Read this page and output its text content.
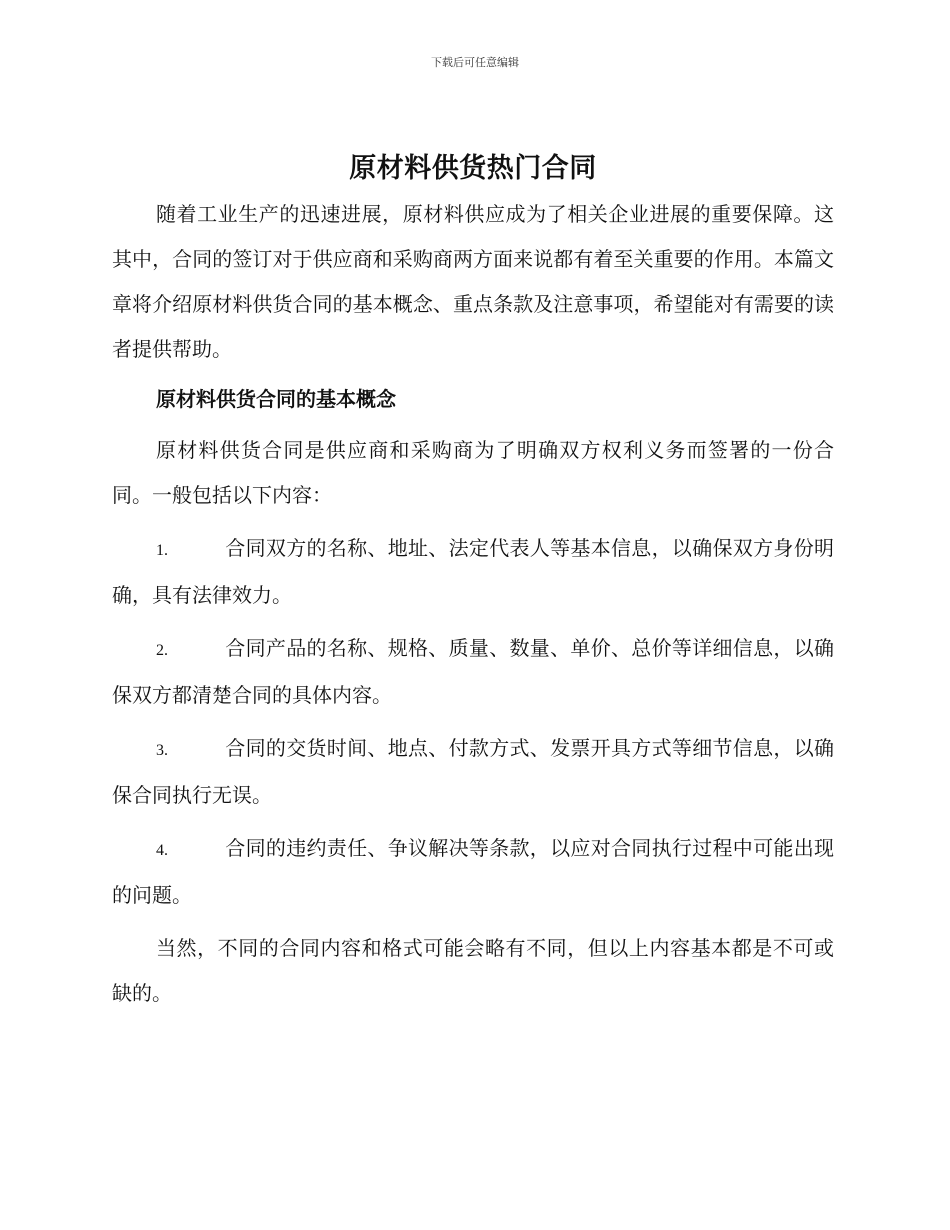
下载后可任意编辑
原材料供货热门合同

随着工业生产的迅速进展，原材料供应成为了相关企业进展的重要保障。这其中，合同的签订对于供应商和采购商两方面来说都有着至关重要的作用。本篇文章将介绍原材料供货合同的基本概念、重点条款及注意事项，希望能对有需要的读者提供帮助。

原材料供货合同的基本概念

原材料供货合同是供应商和采购商为了明确双方权利义务而签署的一份合同。一般包括以下内容：

1.	合同双方的名称、地址、法定代表人等基本信息，以确保双方身份明确，具有法律效力。
2.	合同产品的名称、规格、质量、数量、单价、总价等详细信息，以确保双方都清楚合同的具体内容。
3.	合同的交货时间、地点、付款方式、发票开具方式等细节信息，以确保合同执行无误。
4.	合同的违约责任、争议解决等条款，以应对合同执行过程中可能出现的问题。

当然，不同的合同内容和格式可能会略有不同，但以上内容基本都是不可或缺的。
